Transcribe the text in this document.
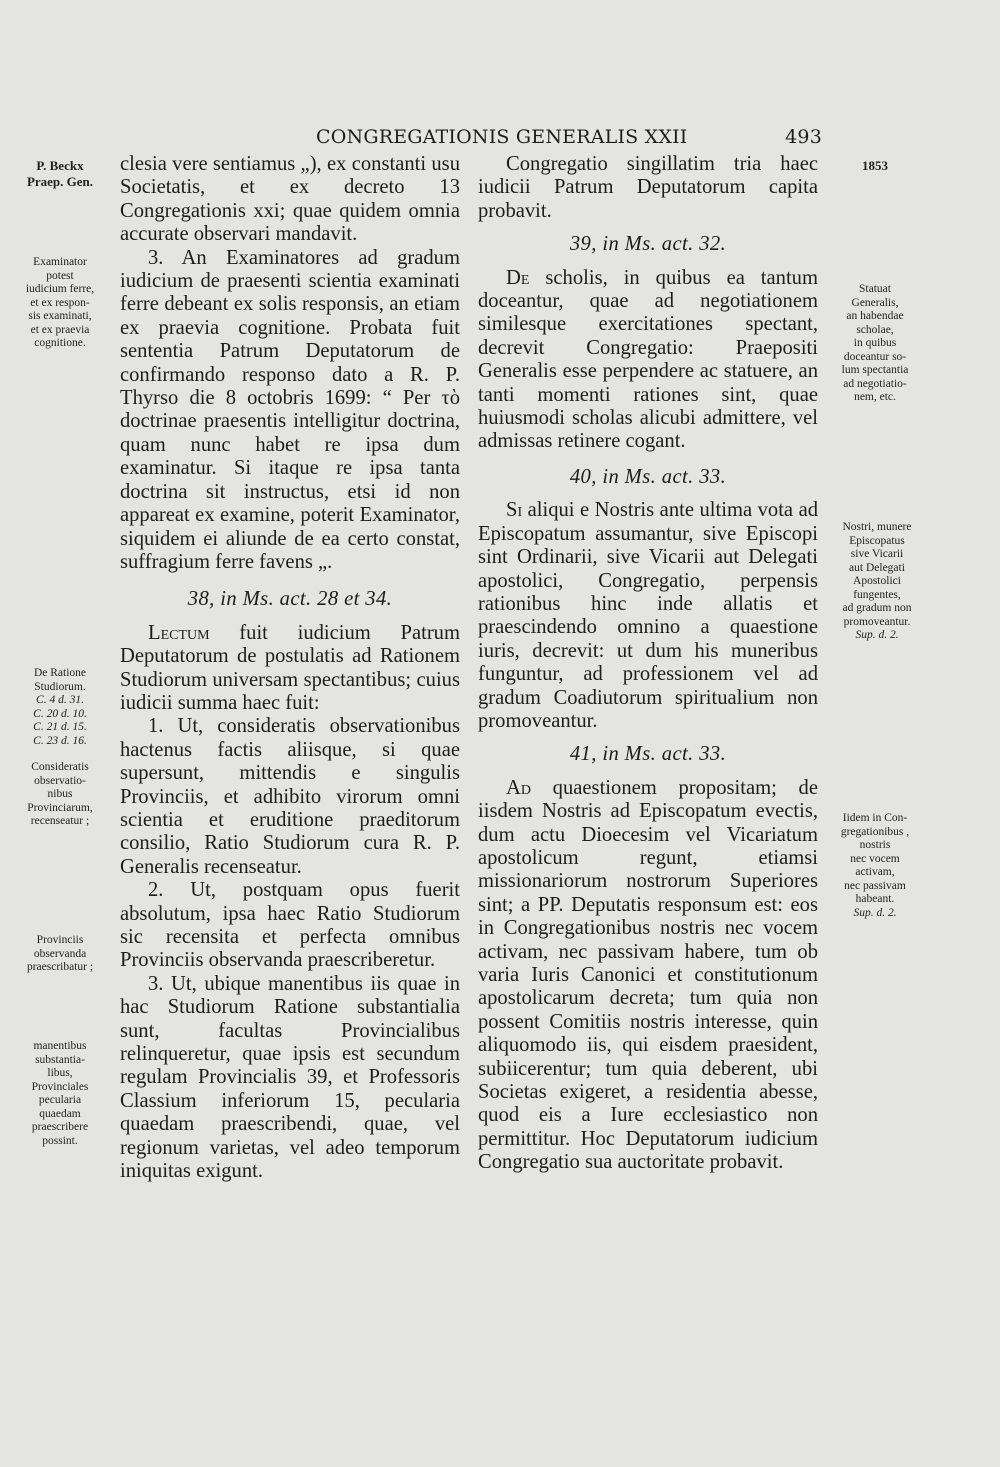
CONGREGATIONIS GENERALIS XXII	493
P. Beckx
Praep. Gen.
Examinator
potest
iudicium ferre,
et ex respon-
sis examinati,
et ex praevia
cognitione.
De Ratione
Studiorum.
C. 4 d. 31.
C. 20 d. 10.
C. 21 d. 15.
C. 23 d. 16.
Consideratis
observatio-
nibus
Provinciarum,
recenseatur ;
Provinciis
observanda
praescribatur ;
manentibus
substantia-
libus,
Provinciales
pecularia
quaedam
praescribere
possint.
1853
Statuat
Generalis,
an habendae
scholae,
in quibus
doceantur so-
lum spectantia
ad negotiatio-
nem, etc.
Nostri, munere
Episcopatus
sive Vicarii
aut Delegati
Apostolici
fungentes,
ad gradum non
promoveantur.
Sup. d. 2.
Iidem in Con-
gregationibus ,
nostris
nec vocem
activam,
nec passivam
habeant.
Sup. d. 2.

clesia vere sentiamus „), ex constanti usu Societatis, et ex decreto 13 Congregationis xxi; quae quidem omnia accurate observari mandavit.

3. An Examinatores ad gradum iudicium de praesenti scientia examinati ferre debeant ex solis responsis, an etiam ex praevia cognitione. Probata fuit sententia Patrum Deputatorum de confirmando responso dato a R. P. Thyrso die 8 octobris 1699: “ Per τὸ doctrinae praesentis intelligitur doctrina, quam nunc habet re ipsa dum examinatur. Si itaque re ipsa tanta doctrina sit instructus, etsi id non appareat ex examine, poterit Examinator, siquidem ei aliunde de ea certo constat, suffragium ferre favens „.

38, in Ms. act. 28 et 34.

Lectum fuit iudicium Patrum Deputatorum de postulatis ad Rationem Studiorum universam spectantibus; cuius iudicii summa haec fuit:

1. Ut, consideratis observationibus hactenus factis aliisque, si quae supersunt, mittendis e singulis Provinciis, et adhibito virorum omni scientia et eruditione praeditorum consilio, Ratio Studiorum cura R. P. Generalis recenseatur.

2. Ut, postquam opus fuerit absolutum, ipsa haec Ratio Studiorum sic recensita et perfecta omnibus Provinciis observanda praescriberetur.

3. Ut, ubique manentibus iis quae in hac Studiorum Ratione substantialia sunt, facultas Provincialibus relinqueretur, quae ipsis est secundum regulam Provincialis 39, et Professoris Classium inferiorum 15, pecularia quaedam praescribendi, quae, vel regionum varietas, vel adeo temporum iniquitas exigunt.

Congregatio singillatim tria haec iudicii Patrum Deputatorum capita probavit.

39, in Ms. act. 32.

De scholis, in quibus ea tantum doceantur, quae ad negotiationem similesque exercitationes spectant, decrevit Congregatio: Praepositi Generalis esse perpendere ac statuere, an tanti momenti rationes sint, quae huiusmodi scholas alicubi admittere, vel admissas retinere cogant.

40, in Ms. act. 33.

Si aliqui e Nostris ante ultima vota ad Episcopatum assumantur, sive Episcopi sint Ordinarii, sive Vicarii aut Delegati apostolici, Congregatio, perpensis rationibus hinc inde allatis et praescindendo omnino a quaestione iuris, decrevit: ut dum his muneribus funguntur, ad professionem vel ad gradum Coadiutorum spiritualium non promoveantur.

41, in Ms. act. 33.

Ad quaestionem propositam; de iisdem Nostris ad Episcopatum evectis, dum actu Dioecesim vel Vicariatum apostolicum regunt, etiamsi missionariorum nostrorum Superiores sint; a PP. Deputatis responsum est: eos in Congregationibus nostris nec vocem activam, nec passivam habere, tum ob varia Iuris Canonici et constitutionum apostolicarum decreta; tum quia non possent Comitiis nostris interesse, quin aliquomodo iis, qui eisdem praesident, subiicerentur; tum quia deberent, ubi Societas exigeret, a residentia abesse, quod eis a Iure ecclesiastico non permittitur. Hoc Deputatorum iudicium Congregatio sua auctoritate probavit.
